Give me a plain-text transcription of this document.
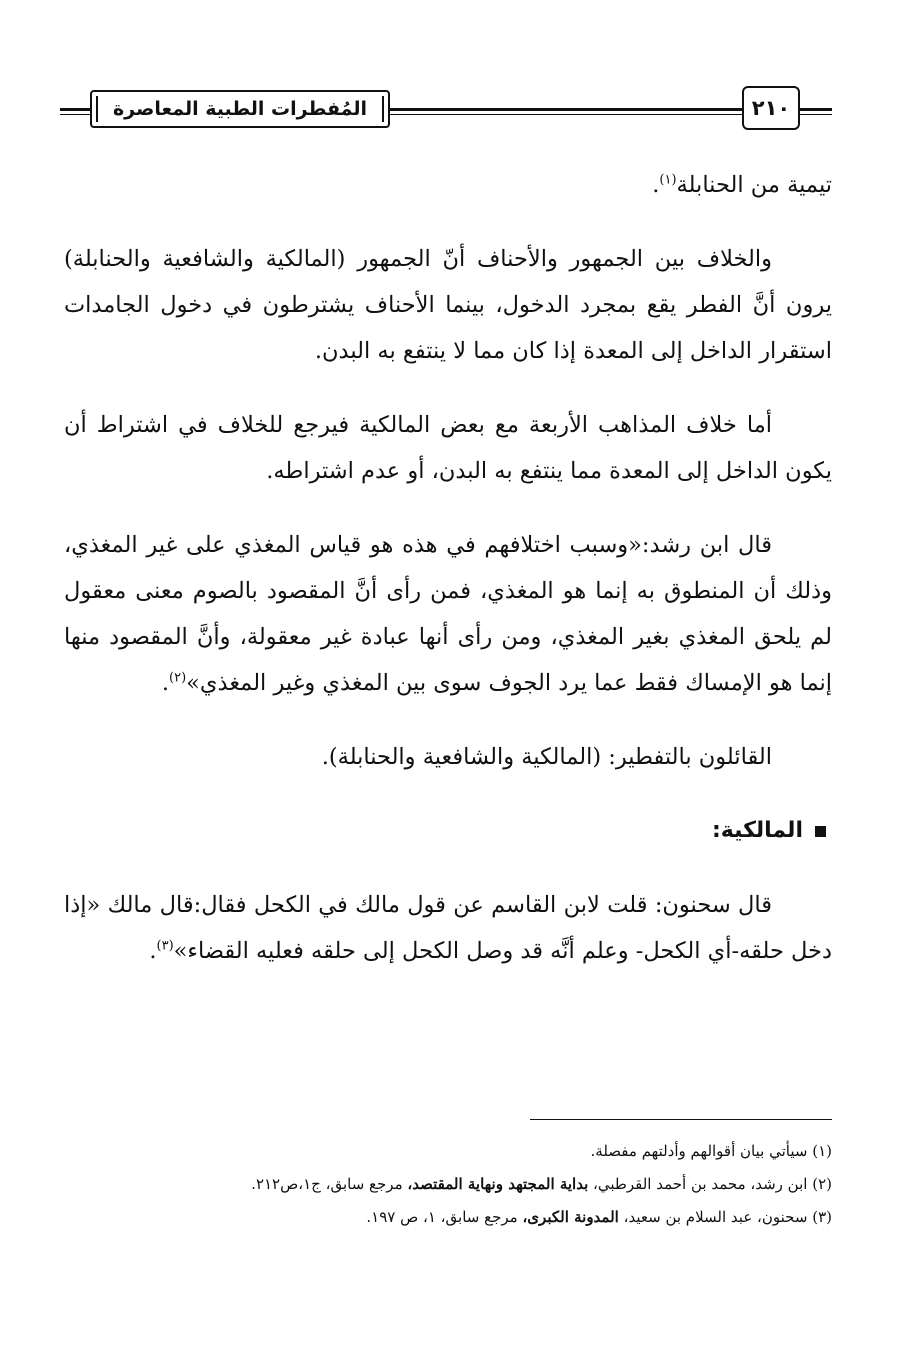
المُفطرات الطبية المعاصرة	٢١٠

تيمية من الحنابلة$^{(١)}$.

والخلاف بين الجمهور والأحناف أنّ الجمهور (المالكية والشافعية والحنابلة) يرون أنَّ الفطر يقع بمجرد الدخول، بينما الأحناف يشترطون في دخول الجامدات استقرار الداخل إلى المعدة إذا كان مما لا ينتفع به البدن.

أما خلاف المذاهب الأربعة مع بعض المالكية فيرجع للخلاف في اشتراط أن يكون الداخل إلى المعدة مما ينتفع به البدن، أو عدم اشتراطه.

قال ابن رشد:«وسبب اختلافهم في هذه هو قياس المغذي على غير المغذي، وذلك أن المنطوق به إنما هو المغذي، فمن رأى أنَّ المقصود بالصوم معنى معقول لم يلحق المغذي بغير المغذي، ومن رأى أنها عبادة غير معقولة، وأنَّ المقصود منها إنما هو الإمساك فقط عما يرد الجوف سوى بين المغذي وغير المغذي»$^{(٢)}$.

القائلون بالتفطير: (المالكية والشافعية والحنابلة).

المالكية:

قال سحنون: قلت لابن القاسم عن قول مالك في الكحل فقال:قال مالك «إذا دخل حلقه-أي الكحل- وعلم أنَّه قد وصل الكحل إلى حلقه فعليه القضاء»$^{(٣)}$.

(١) سيأتي بيان أقوالهم وأدلتهم مفصلة.
(٢) ابن رشد، محمد بن أحمد القرطبي، بداية المجتهد ونهاية المقتصد، مرجع سابق، ج١،ص٢١٢.
(٣) سحنون، عبد السلام بن سعيد، المدونة الكبرى، مرجع سابق، ١، ص ١٩٧.
